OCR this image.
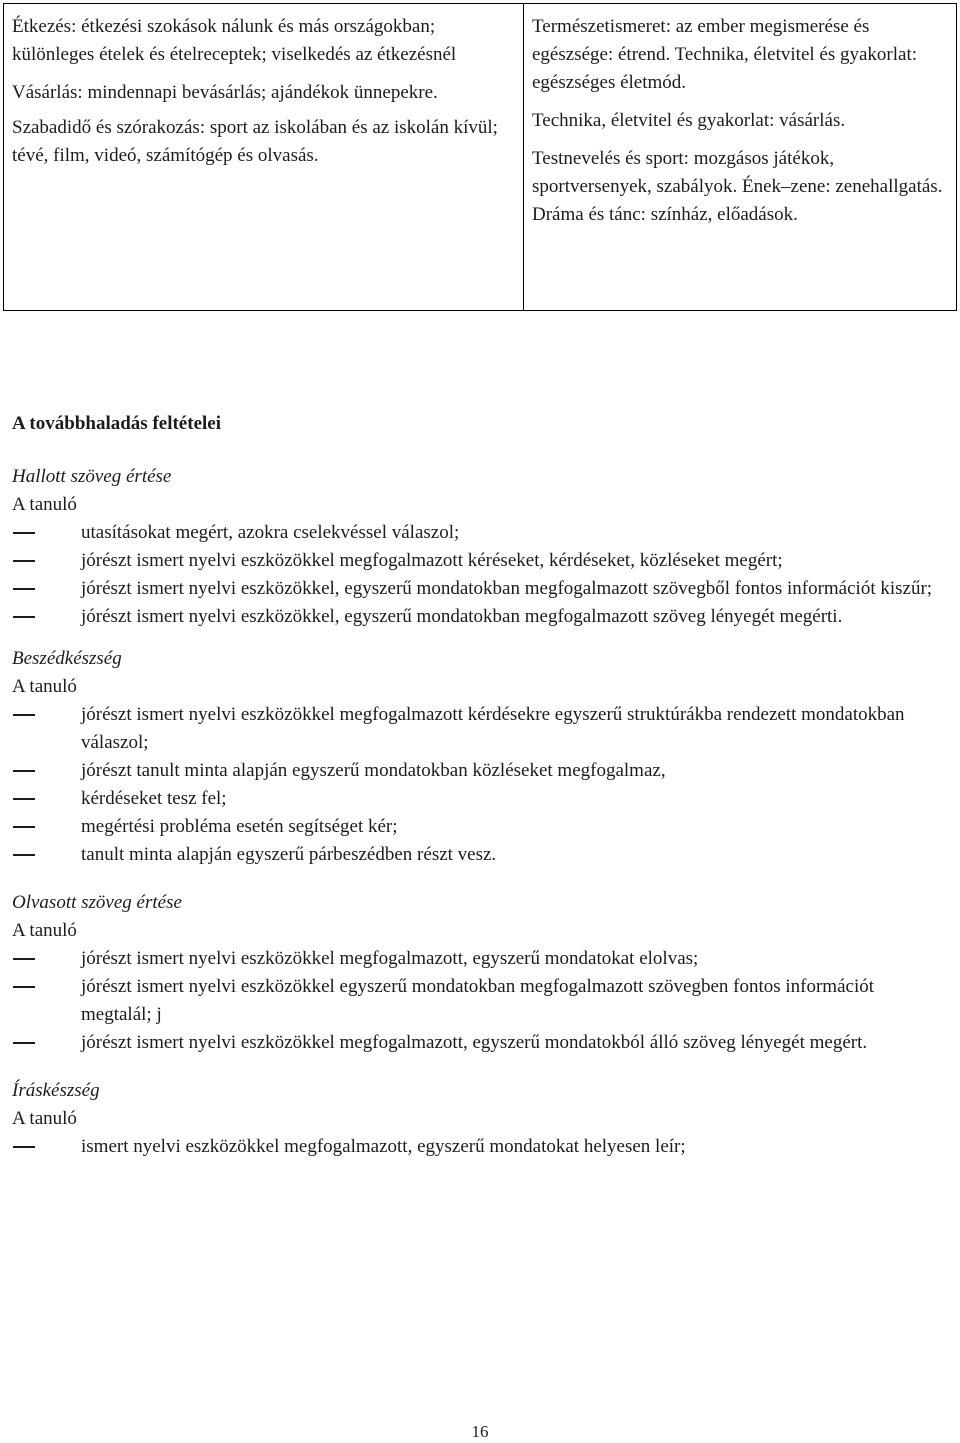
Étkezés: étkezési szokások nálunk és más országokban; különleges ételek és ételreceptek; viselkedés az étkezésnél

Vásárlás: mindennapi bevásárlás; ajándékok ünnepekre.

Szabadidő és szórakozás: sport az iskolában és az iskolán kívül; tévé, film, videó, számítógép és olvasás.

Természetismeret: az ember megismerése és egészsége: étrend. Technika, életvitel és gyakorlat: egészséges életmód.

Technika, életvitel és gyakorlat: vásárlás.

Testnevelés és sport: mozgásos játékok, sportversenyek, szabályok. Ének–zene: zenehallgatás. Dráma és tánc: színház, előadások.

A továbbhaladás feltételei

Hallott szöveg értése

A tanuló

utasításokat megért, azokra cselekvéssel válaszol;
jórészt ismert nyelvi eszközökkel megfogalmazott kéréseket, kérdéseket, közléseket megért;
jórészt ismert nyelvi eszközökkel, egyszerű mondatokban megfogalmazott szövegből fontos információt kiszűr;
jórészt ismert nyelvi eszközökkel, egyszerű mondatokban megfogalmazott szöveg lényegét megérti.

Beszédkészség

A tanuló

jórészt ismert nyelvi eszközökkel megfogalmazott kérdésekre egyszerű struktúrákba rendezett mondatokban válaszol;
jórészt tanult minta alapján egyszerű mondatokban közléseket megfogalmaz,
kérdéseket tesz fel;
megértési probléma esetén segítséget kér;
tanult minta alapján egyszerű párbeszédben részt vesz.

Olvasott szöveg értése

A tanuló

jórészt ismert nyelvi eszközökkel megfogalmazott, egyszerű mondatokat elolvas;
jórészt ismert nyelvi eszközökkel egyszerű mondatokban megfogalmazott szövegben fontos információt megtalál; j
jórészt ismert nyelvi eszközökkel megfogalmazott, egyszerű mondatokból álló szöveg lényegét megért.

Íráskészség

A tanuló

ismert nyelvi eszközökkel megfogalmazott, egyszerű mondatokat helyesen leír;
16
